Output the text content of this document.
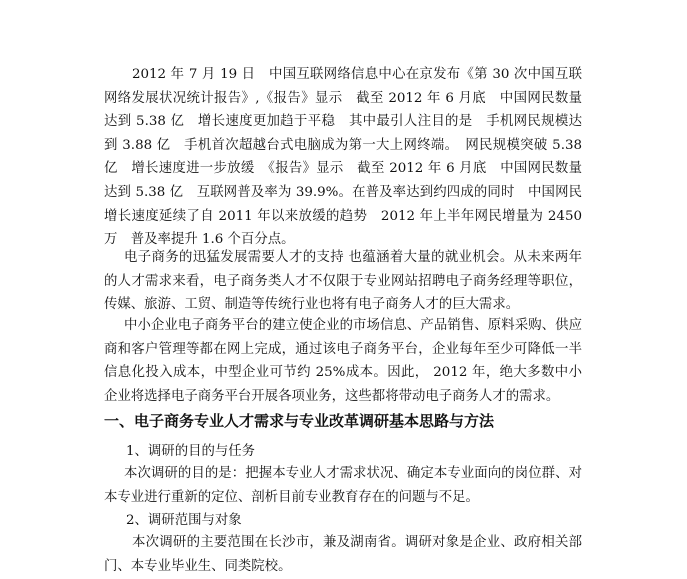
2012 年 7 月 19 日　中国互联网络信息中心在京发布《第 30 次中国互联网络发展状况统计报告》,《报告》显示　截至 2012 年 6 月底　中国网民数量达到 5.38 亿　增长速度更加趋于平稳　其中最引人注目的是　手机网民规模达到 3.88 亿　手机首次超越台式电脑成为第一大上网终端。　网民规模突破 5.38 亿　增长速度进一步放缓　《报告》显示　截至 2012 年 6 月底　中国网民数量达到 5.38 亿　互联网普及率为 39.9%。在普及率达到约四成的同时　中国网民增长速度延续了自 2011 年以来放缓的趋势　2012 年上半年网民增量为 2450 万　普及率提升 1.6 个百分点。

电子商务的迅猛发展需要人才的支持 也蕴涵着大量的就业机会。从未来两年的人才需求来看，电子商务类人才不仅限于专业网站招聘电子商务经理等职位，传媒、旅游、工贸、制造等传统行业也将有电子商务人才的巨大需求。

中小企业电子商务平台的建立使企业的市场信息、产品销售、原料采购、供应商和客户管理等都在网上完成，通过该电子商务平台，企业每年至少可降低一半信息化投入成本，中型企业可节约 25%成本。因此， 2012 年，绝大多数中小企业将选择电子商务平台开展各项业务，这些都将带动电子商务人才的需求。

一、电子商务专业人才需求与专业改革调研基本思路与方法

1、调研的目的与任务

本次调研的目的是：把握本专业人才需求状况、确定本专业面向的岗位群、对本专业进行重新的定位、剖析目前专业教育存在的问题与不足。

2、调研范围与对象

本次调研的主要范围在长沙市，兼及湖南省。调研对象是企业、政府相关部门、本专业毕业生、同类院校。
